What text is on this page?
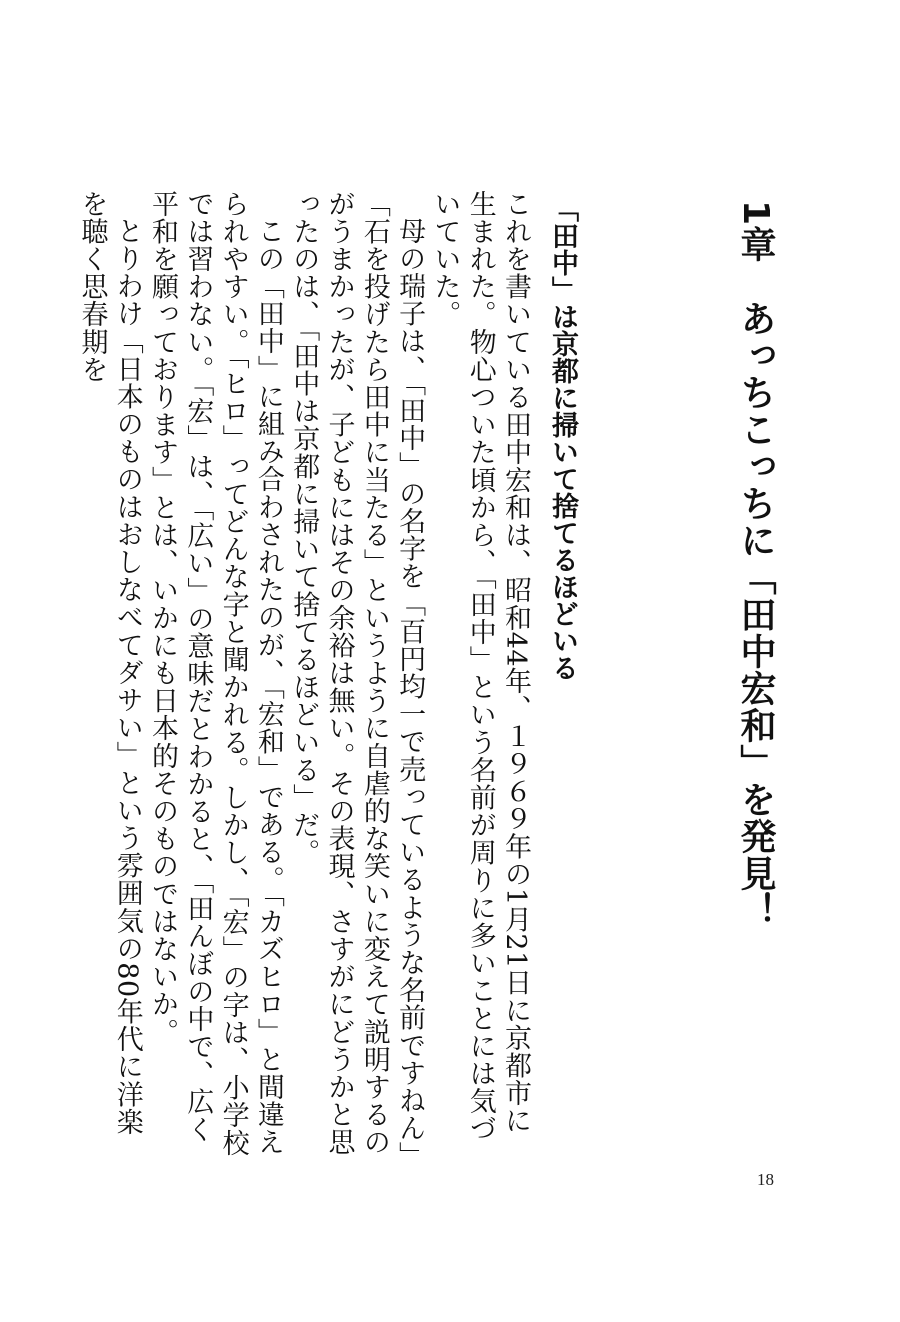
1章　あっちこっちに「田中宏和」を発見！
「田中」は京都に掃いて捨てるほどいる

これを書いている田中宏和は、昭和44年、１９６９年の1月21日に京都市に生まれた。物心ついた頃から、「田中」という名前が周りに多いことには気づいていた。

母の瑞子は、「田中」の名字を「百円均一で売っているような名前ですねん」「石を投げたら田中に当たる」というように自虐的な笑いに変えて説明するのがうまかったが、子どもにはその余裕は無い。その表現、さすがにどうかと思ったのは、「田中は京都に掃いて捨てるほどいる」だ。

この「田中」に組み合わされたのが、「宏和」である。「カズヒロ」と間違えられやすい。「ヒロ」ってどんな字と聞かれる。しかし、「宏」の字は、小学校では習わない。「宏」は、「広い」の意味だとわかると、「田んぼの中で、広く平和を願っております」とは、いかにも日本的そのものではないか。

とりわけ「日本のものはおしなべてダサい」という雰囲気の80年代に洋楽を聴く思春期を

18
